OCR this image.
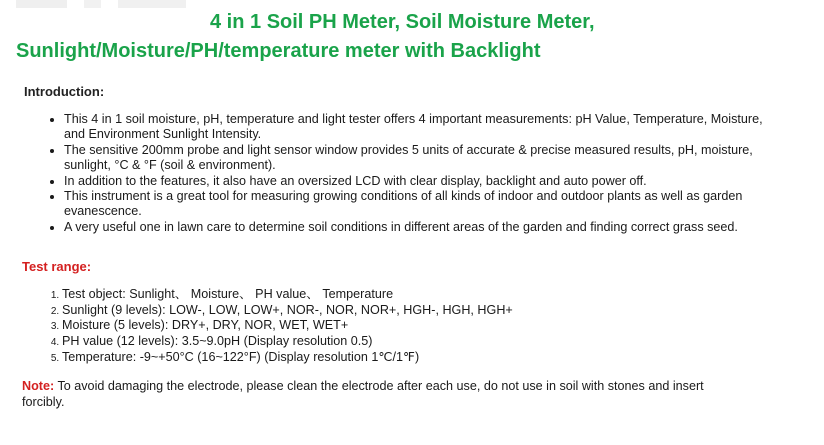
4 in 1 Soil PH Meter, Soil Moisture Meter,
Sunlight/Moisture/PH/temperature meter with Backlight
Introduction:
• This 4 in 1 soil moisture, pH, temperature and light tester offers 4 important measurements: pH Value, Temperature, Moisture, and Environment Sunlight Intensity.
• The sensitive 200mm probe and light sensor window provides 5 units of accurate & precise measured results, pH, moisture, sunlight, °C & °F (soil & environment).
• In addition to the features, it also have an oversized LCD with clear display, backlight and auto power off.
• This instrument is a great tool for measuring growing conditions of all kinds of indoor and outdoor plants as well as garden evanescence.
• A very useful one in lawn care to determine soil conditions in different areas of the garden and finding correct grass seed.
Test range:
1. Test object: Sunlight、 Moisture、 PH value、 Temperature
2. Sunlight (9 levels): LOW-, LOW, LOW+, NOR-, NOR, NOR+, HGH-, HGH, HGH+
3. Moisture (5 levels): DRY+, DRY, NOR, WET, WET+
4. PH value (12 levels): 3.5~9.0pH (Display resolution 0.5)
5. Temperature: -9~+50°C (16~122°F) (Display resolution 1℃/1℉)

Note: To avoid damaging the electrode, please clean the electrode after each use, do not use in soil with stones and insert forcibly.
